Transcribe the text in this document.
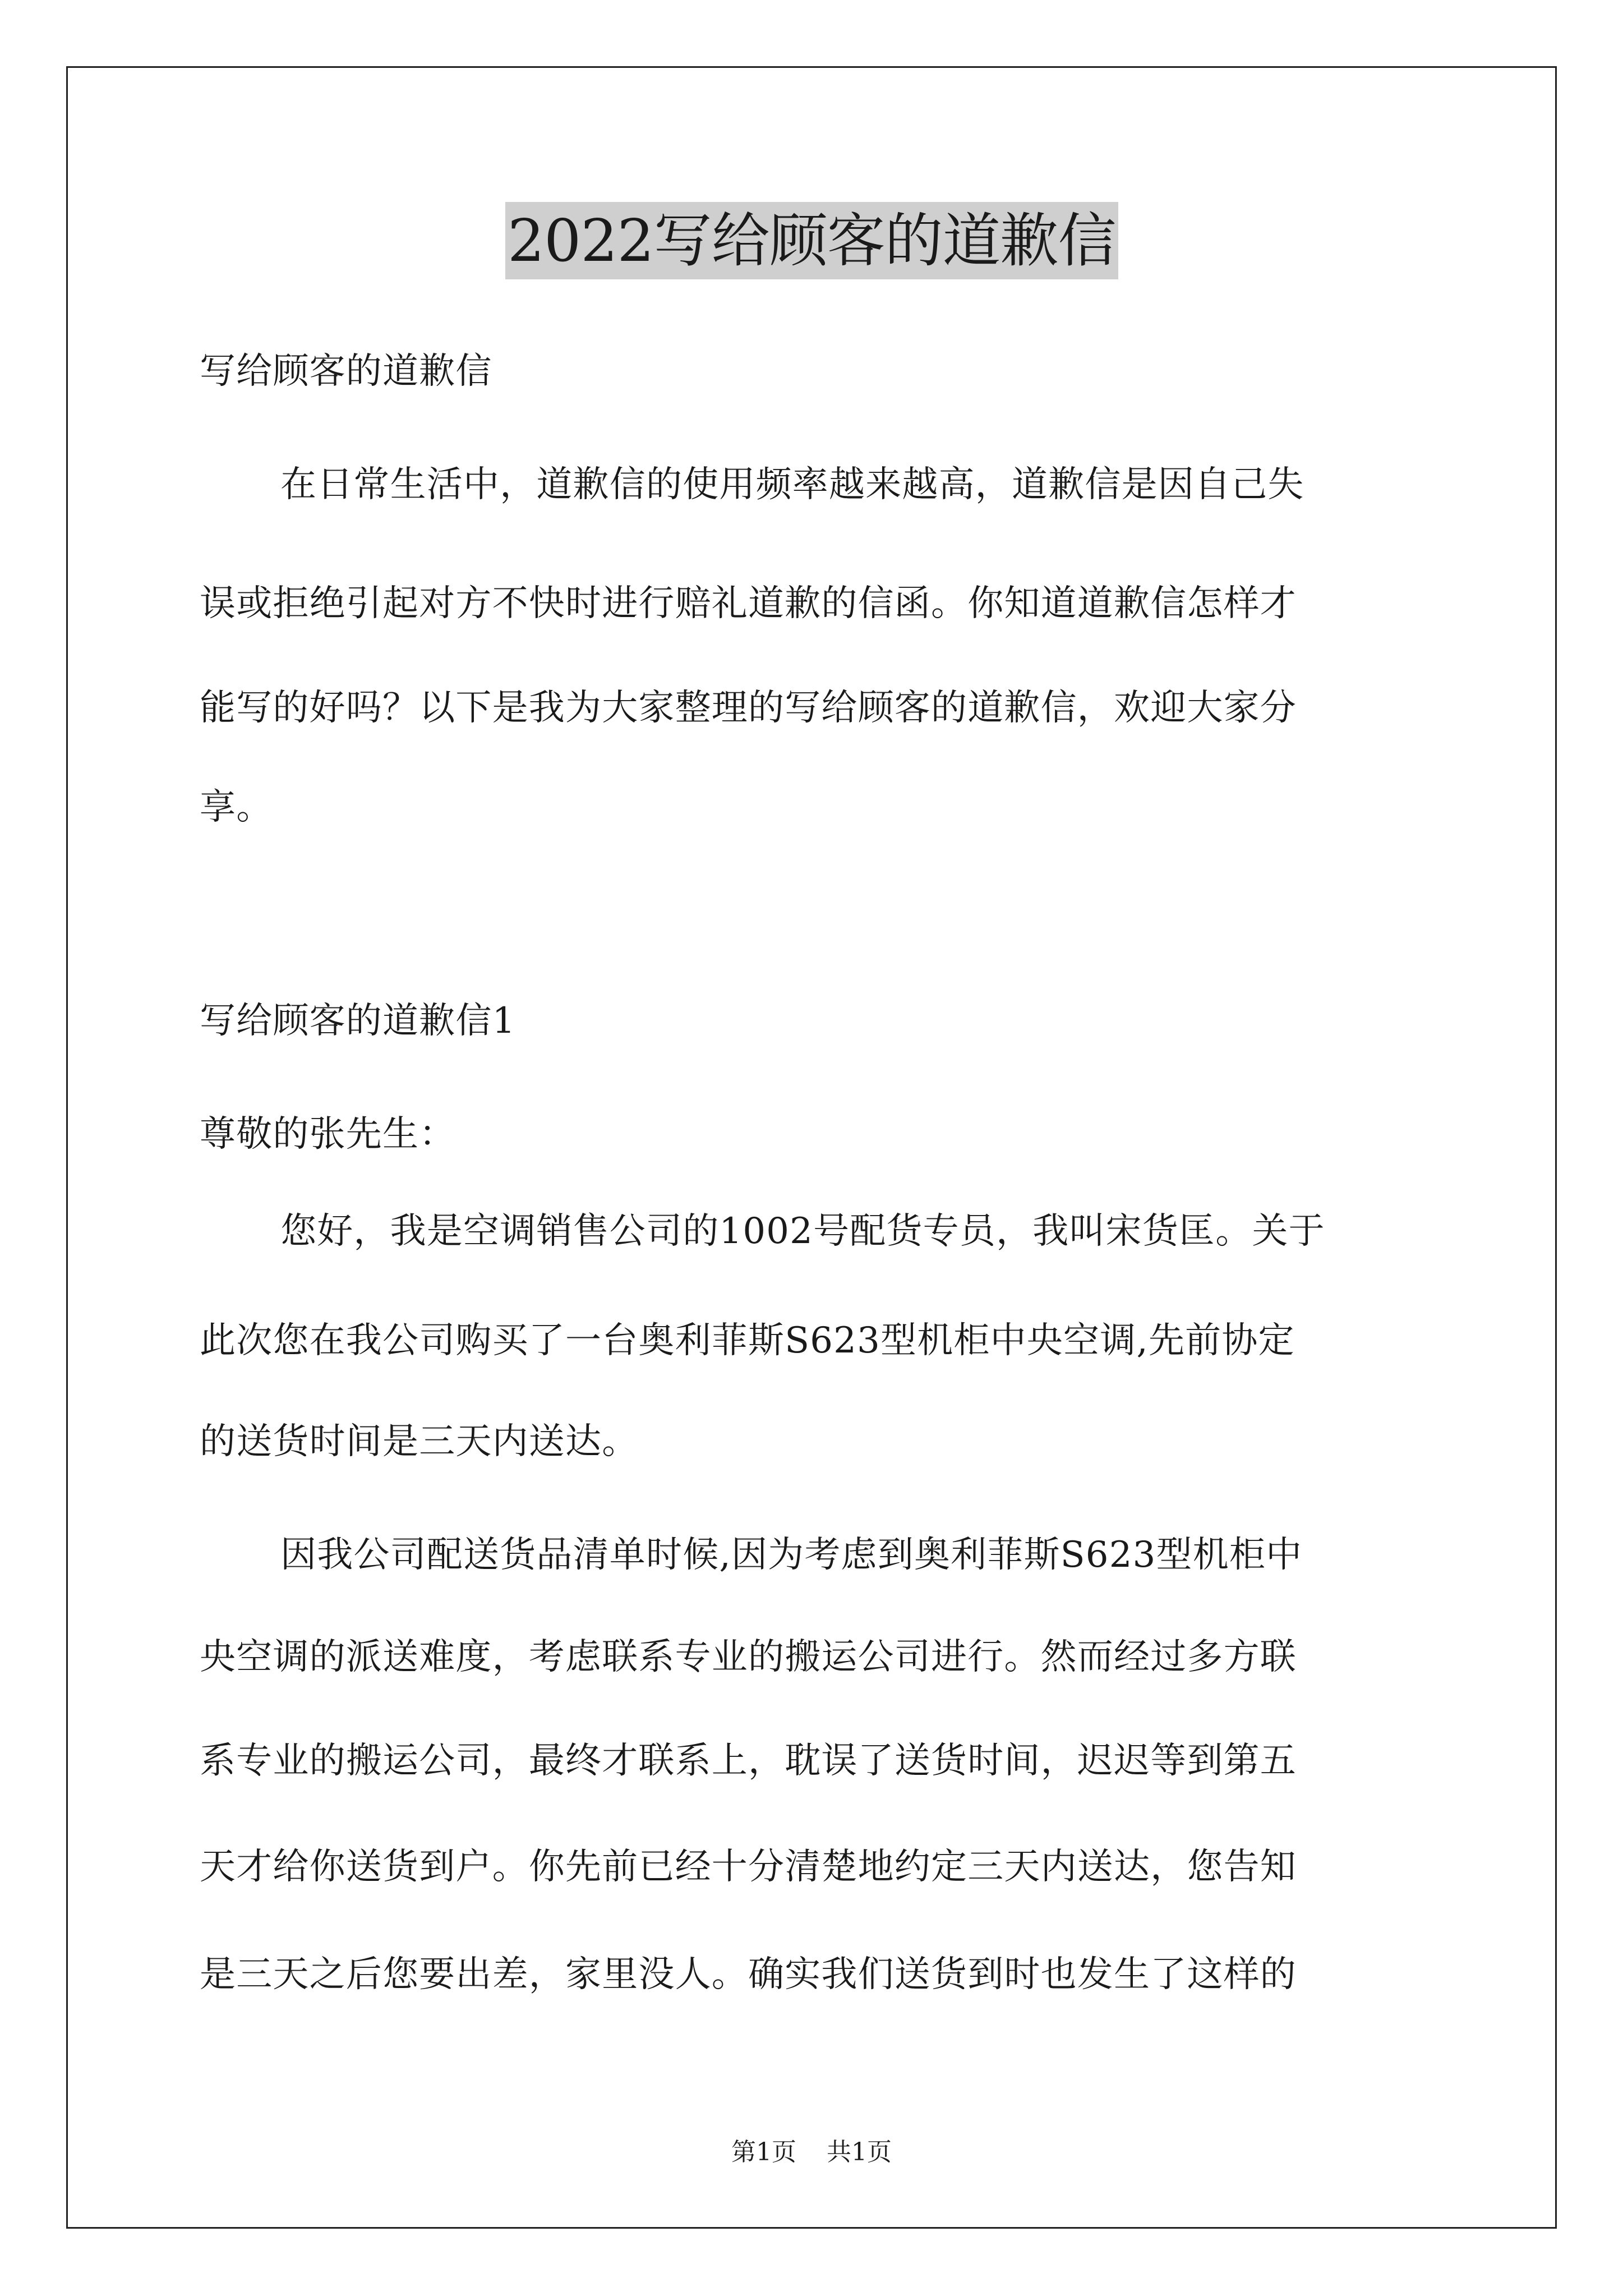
2022写给顾客的道歉信
写给顾客的道歉信
在日常生活中，道歉信的使用频率越来越高，道歉信是因自己失
误或拒绝引起对方不快时进行赔礼道歉的信函。你知道道歉信怎样才
能写的好吗？以下是我为大家整理的写给顾客的道歉信，欢迎大家分
享。
写给顾客的道歉信1
尊敬的张先生：
您好，我是空调销售公司的1002号配货专员，我叫宋货匡。关于
此次您在我公司购买了一台奥利菲斯S623型机柜中央空调,先前协定
的送货时间是三天内送达。
因我公司配送货品清单时候,因为考虑到奥利菲斯S623型机柜中
央空调的派送难度，考虑联系专业的搬运公司进行。然而经过多方联
系专业的搬运公司，最终才联系上，耽误了送货时间，迟迟等到第五
天才给你送货到户。你先前已经十分清楚地约定三天内送达，您告知
是三天之后您要出差，家里没人。确实我们送货到时也发生了这样的
第1页 共1页
